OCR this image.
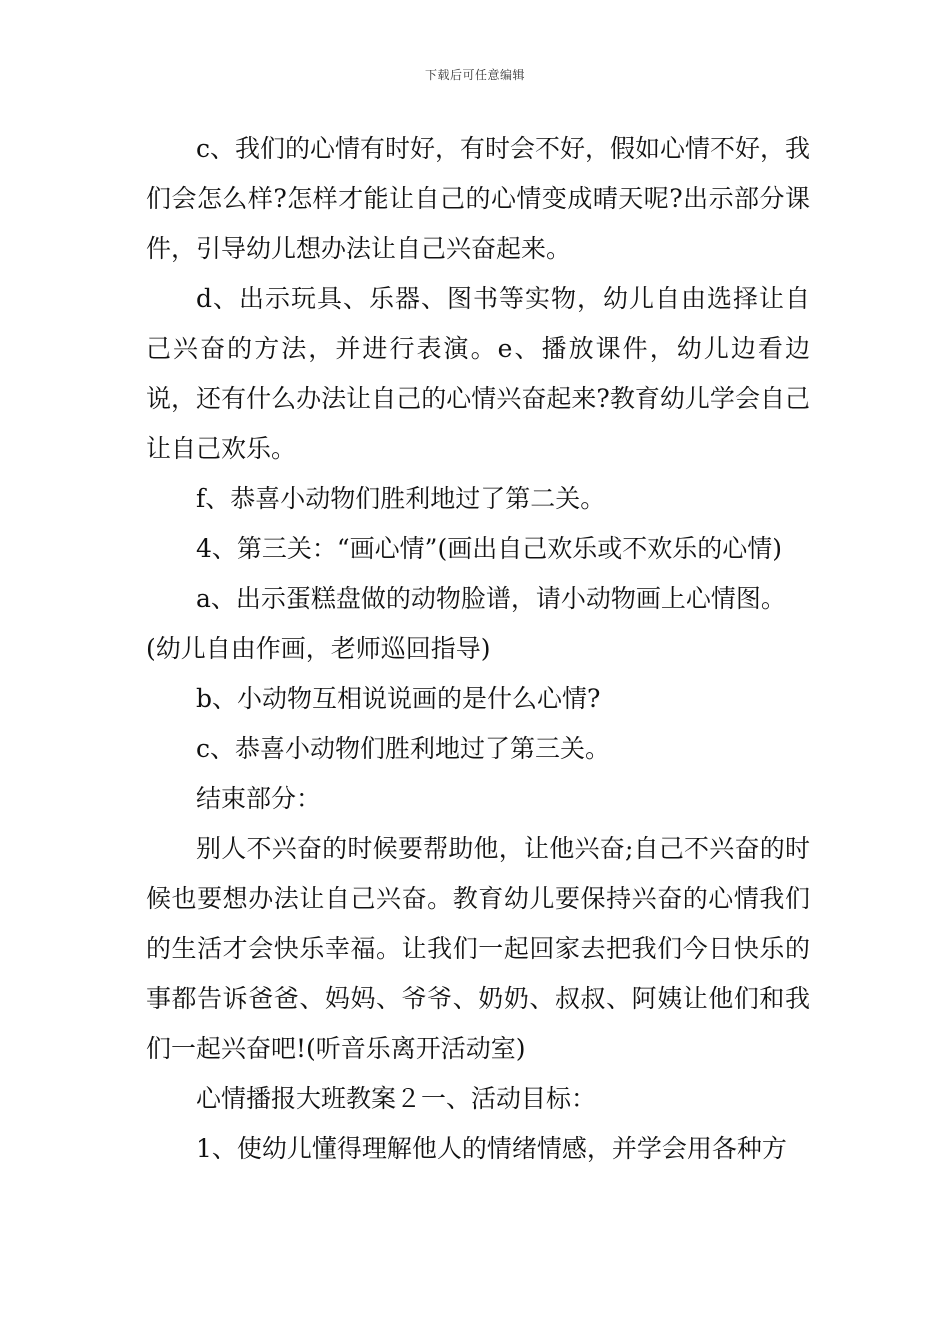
下载后可任意编辑

c、我们的心情有时好，有时会不好，假如心情不好，我们会怎么样?怎样才能让自己的心情变成晴天呢?出示部分课件，引导幼儿想办法让自己兴奋起来。

d、出示玩具、乐器、图书等实物，幼儿自由选择让自己兴奋的方法，并进行表演。e、播放课件，幼儿边看边说，还有什么办法让自己的心情兴奋起来?教育幼儿学会自己让自己欢乐。

f、恭喜小动物们胜利地过了第二关。

4、第三关：“画心情”(画出自己欢乐或不欢乐的心情)

a、出示蛋糕盘做的动物脸谱，请小动物画上心情图。

(幼儿自由作画，老师巡回指导)

b、小动物互相说说画的是什么心情?

c、恭喜小动物们胜利地过了第三关。

结束部分：

别人不兴奋的时候要帮助他，让他兴奋;自己不兴奋的时候也要想办法让自己兴奋。教育幼儿要保持兴奋的心情我们的生活才会快乐幸福。让我们一起回家去把我们今日快乐的事都告诉爸爸、妈妈、爷爷、奶奶、叔叔、阿姨让他们和我们一起兴奋吧!(听音乐离开活动室)

心情播报大班教案２一、活动目标：

1、使幼儿懂得理解他人的情绪情感，并学会用各种方
